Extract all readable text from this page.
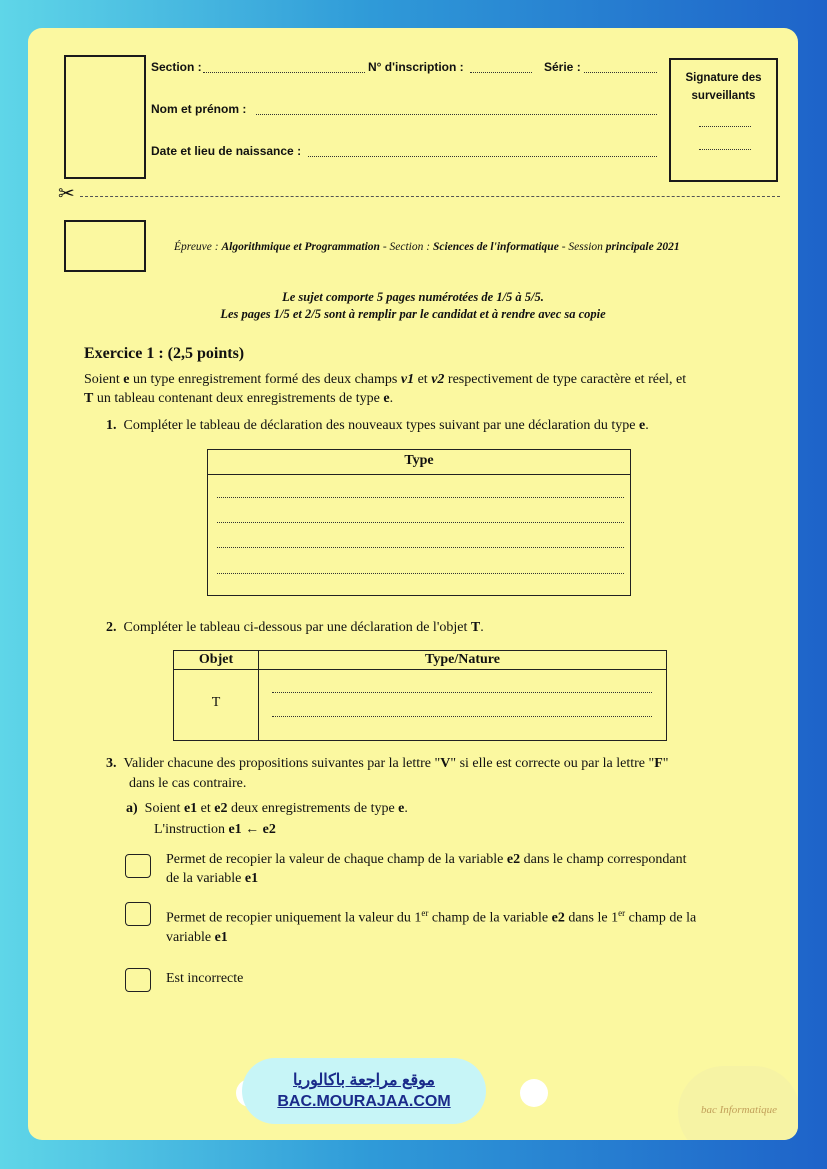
Signature des surveillants
Section :	N° d'inscription :	Série :
Nom et prénom :
Date et lieu de naissance :
✂
Épreuve : Algorithmique et Programmation - Section : Sciences de l'informatique - Session principale 2021
Le sujet comporte 5 pages numérotées de 1/5 à 5/5.
Les pages 1/5 et 2/5 sont à remplir par le candidat et à rendre avec sa copie
Exercice 1 : (2,5 points)
Soient e un type enregistrement formé des deux champs v1 et v2 respectivement de type caractère et réel, et
T un tableau contenant deux enregistrements de type e.
1. Compléter le tableau de déclaration des nouveaux types suivant par une déclaration du type e.
Type
2. Compléter le tableau ci-dessous par une déclaration de l'objet T.
Objet	Type/Nature
T
3. Valider chacune des propositions suivantes par la lettre "V" si elle est correcte ou par la lettre "F"
dans le cas contraire.
a) Soient e1 et e2 deux enregistrements de type e.
L'instruction e1 ← e2
Permet de recopier la valeur de chaque champ de la variable e2 dans le champ correspondant
de la variable e1
Permet de recopier uniquement la valeur du 1er champ de la variable e2 dans le 1er champ de la
variable e1
Est incorrecte
bac Informatique
موقع مراجعة باكالوريا
BAC.MOURAJAA.COM
